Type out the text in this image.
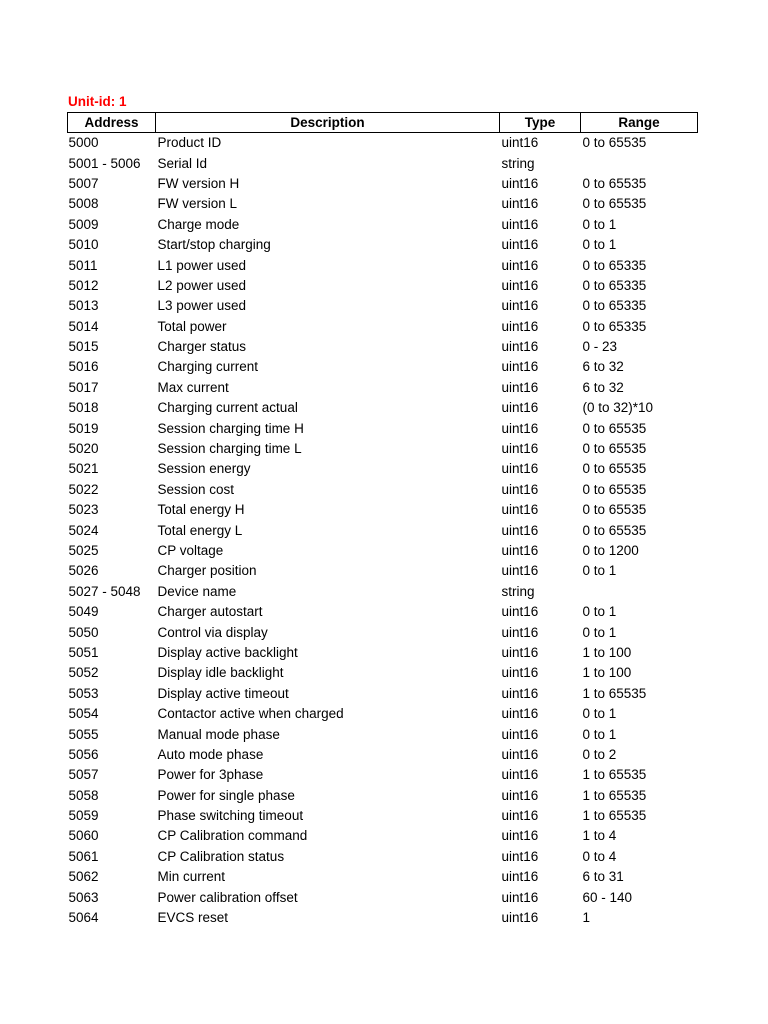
Unit-id: 1
Address	Description	Type	Range
5000	Product ID	uint16	0 to 65535
5001 - 5006	Serial Id	string	
5007	FW version H	uint16	0 to 65535
5008	FW version L	uint16	0 to 65535
5009	Charge mode	uint16	0 to 1
5010	Start/stop charging	uint16	0 to 1
5011	L1 power used	uint16	0 to 65335
5012	L2 power used	uint16	0 to 65335
5013	L3 power used	uint16	0 to 65335
5014	Total power	uint16	0 to 65335
5015	Charger status	uint16	0 - 23
5016	Charging current	uint16	6 to 32
5017	Max current	uint16	6 to 32
5018	Charging current actual	uint16	(0 to 32)*10
5019	Session charging time H	uint16	0 to 65535
5020	Session charging time L	uint16	0 to 65535
5021	Session energy	uint16	0 to 65535
5022	Session cost	uint16	0 to 65535
5023	Total energy H	uint16	0 to 65535
5024	Total energy L	uint16	0 to 65535
5025	CP voltage	uint16	0 to 1200
5026	Charger position	uint16	0 to 1
5027 - 5048	Device name	string	
5049	Charger autostart	uint16	0 to 1
5050	Control via display	uint16	0 to 1
5051	Display active backlight	uint16	1 to 100
5052	Display idle backlight	uint16	1 to 100
5053	Display active timeout	uint16	1 to 65535
5054	Contactor active when charged	uint16	0 to 1
5055	Manual mode phase	uint16	0 to 1
5056	Auto mode phase	uint16	0 to 2
5057	Power for 3phase	uint16	1 to 65535
5058	Power for single phase	uint16	1 to 65535
5059	Phase switching timeout	uint16	1 to 65535
5060	CP Calibration command	uint16	1 to 4
5061	CP Calibration status	uint16	0 to 4
5062	Min current	uint16	6 to 31
5063	Power calibration offset	uint16	60 - 140
5064	EVCS reset	uint16	1
